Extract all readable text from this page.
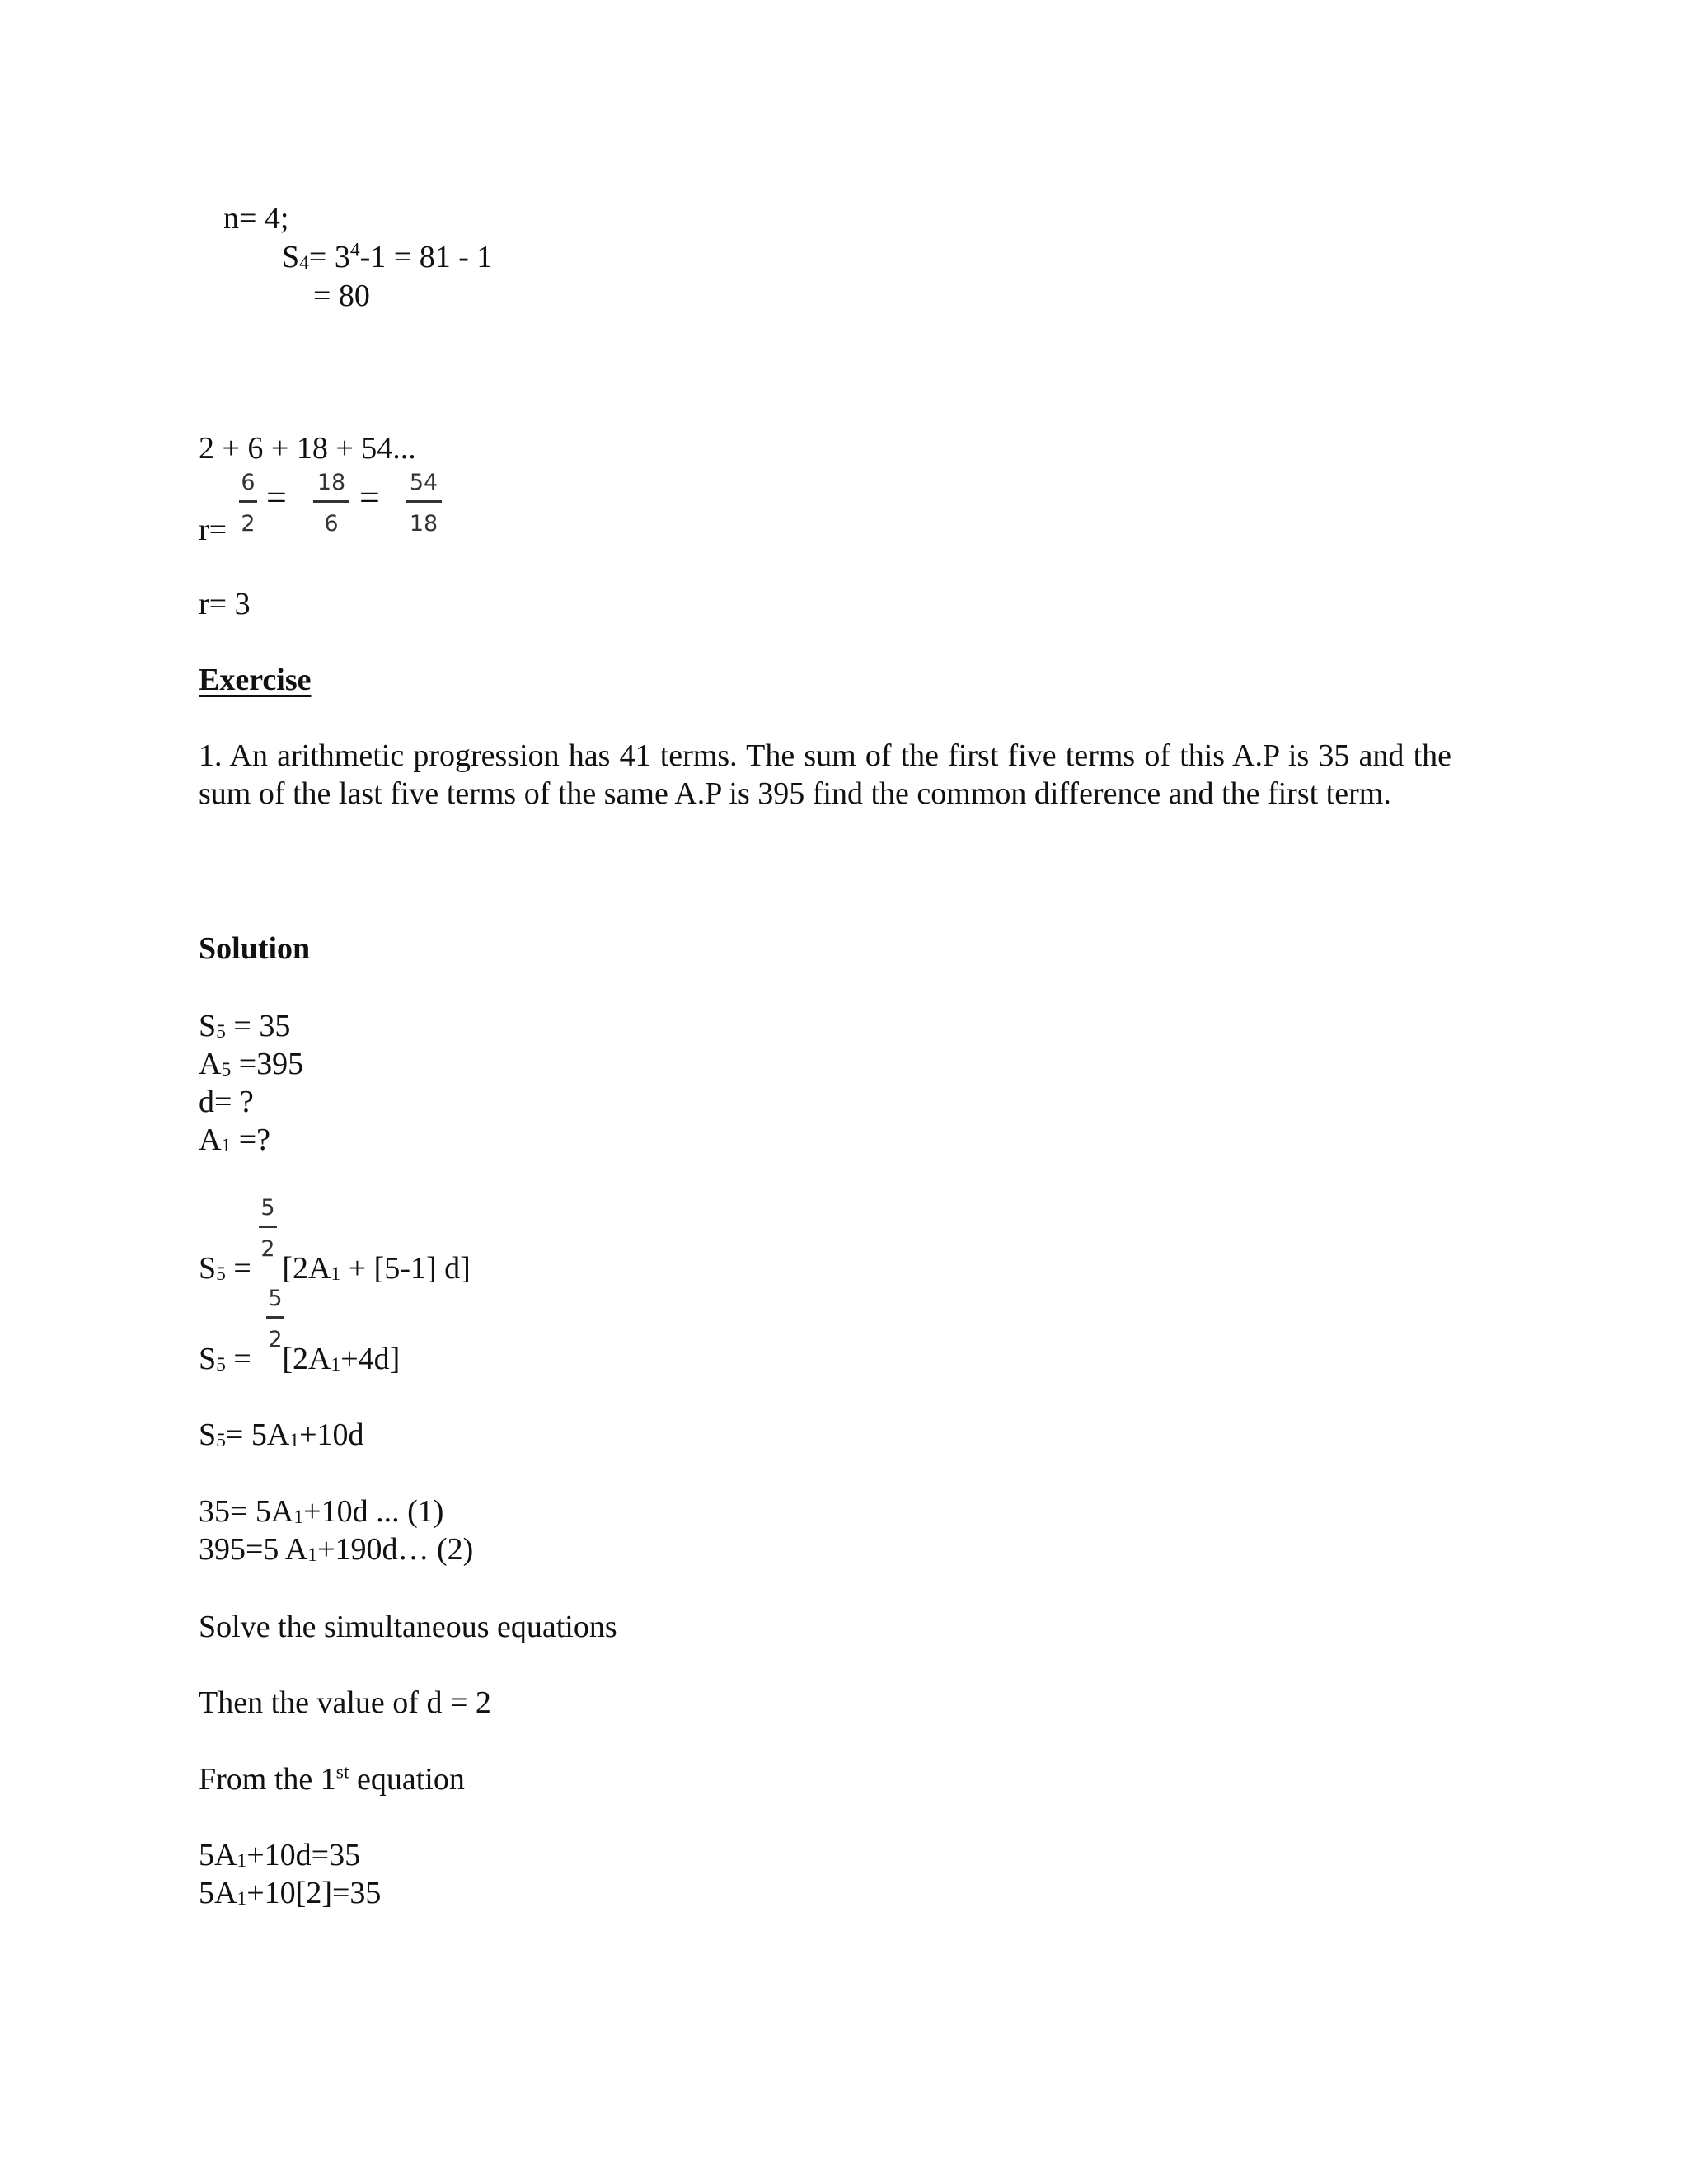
n= 4;
$S_4= 3^4-1 = 81 - 1$
= 80
2 + 6 + 18 + 54...
r=
6
2
= 18
6
= 54
18
r= 3
Exercise
1. An arithmetic progression has 41 terms. The sum of the first five terms of this A.P is 35 and the sum of the last five terms of the same A.P is 395 find the common difference and the first term.
Solution
$S_5 = 35$
$A_5 =395$
d= ?
$A_1$ =?
5
2
$S_5 = [2A_1 + [5-1]$ d]
5
2
$S_5 = [2A_1+4d]$
$S_5= 5A_1+10d$
$35= 5A_1+10d$ ... (1)
395=5 $A_1+190d\dots$ (2)
Solve the simultaneous equations
Then the value of d = 2
From the 1st equation
$5A_1+10d=35$
$5A_1+10[2]=35$
